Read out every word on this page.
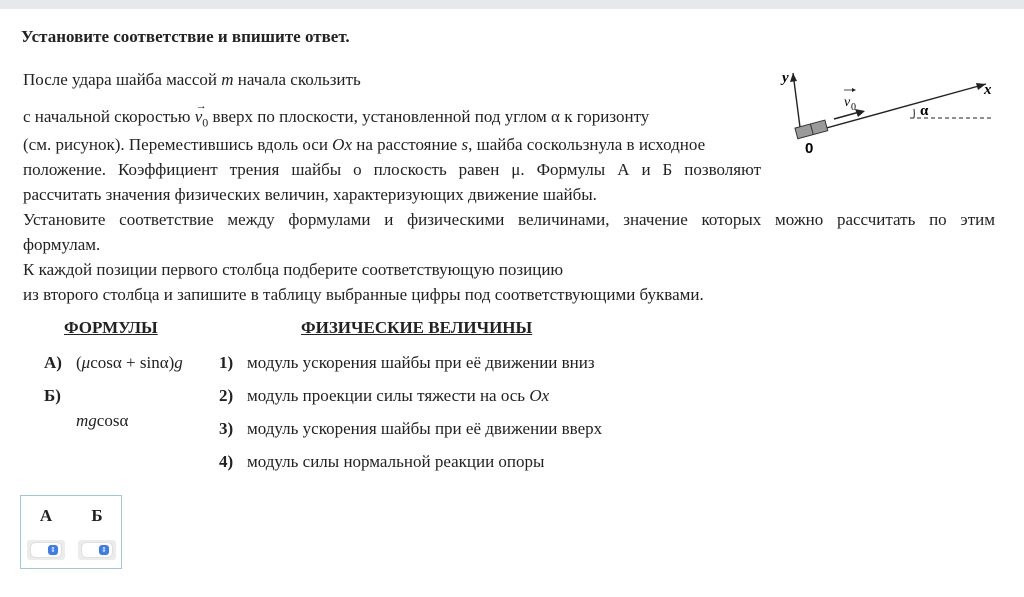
Установите соответствие и впишите ответ.
После удара шайба массой m начала скользить
с начальной скоростью
→
$v_0$ вверх по плоскости, установленной под углом α к горизонту
(см. рисунок). Переместившись вдоль оси Ox на расстояние s, шайба соскользнула в исходное
положение. Коэффициент трения шайбы о плоскость равен μ. Формулы А и Б позволяют
рассчитать значения физических величин, характеризующих движение шайбы.
Установите соответствие между формулами и физическими величинами, значение которых можно рассчитать по этим
формулам.
К каждой позиции первого столбца подберите соответствующую позицию
из второго столбца и запишите в таблицу выбранные цифры под соответствующими буквами.
v 0
y
x
0
α
ФОРМУЛЫ	ФИЗИЧЕСКИЕ ВЕЛИЧИНЫ
А) (μcosα + sinα)g
Б)
mgcosα
1) модуль ускорения шайбы при её движении вниз
2) модуль проекции силы тяжести на ось Ox
3) модуль ускорения шайбы при её движении вверх
4) модуль силы нормальной реакции опоры
А	Б
⇕	⇕
